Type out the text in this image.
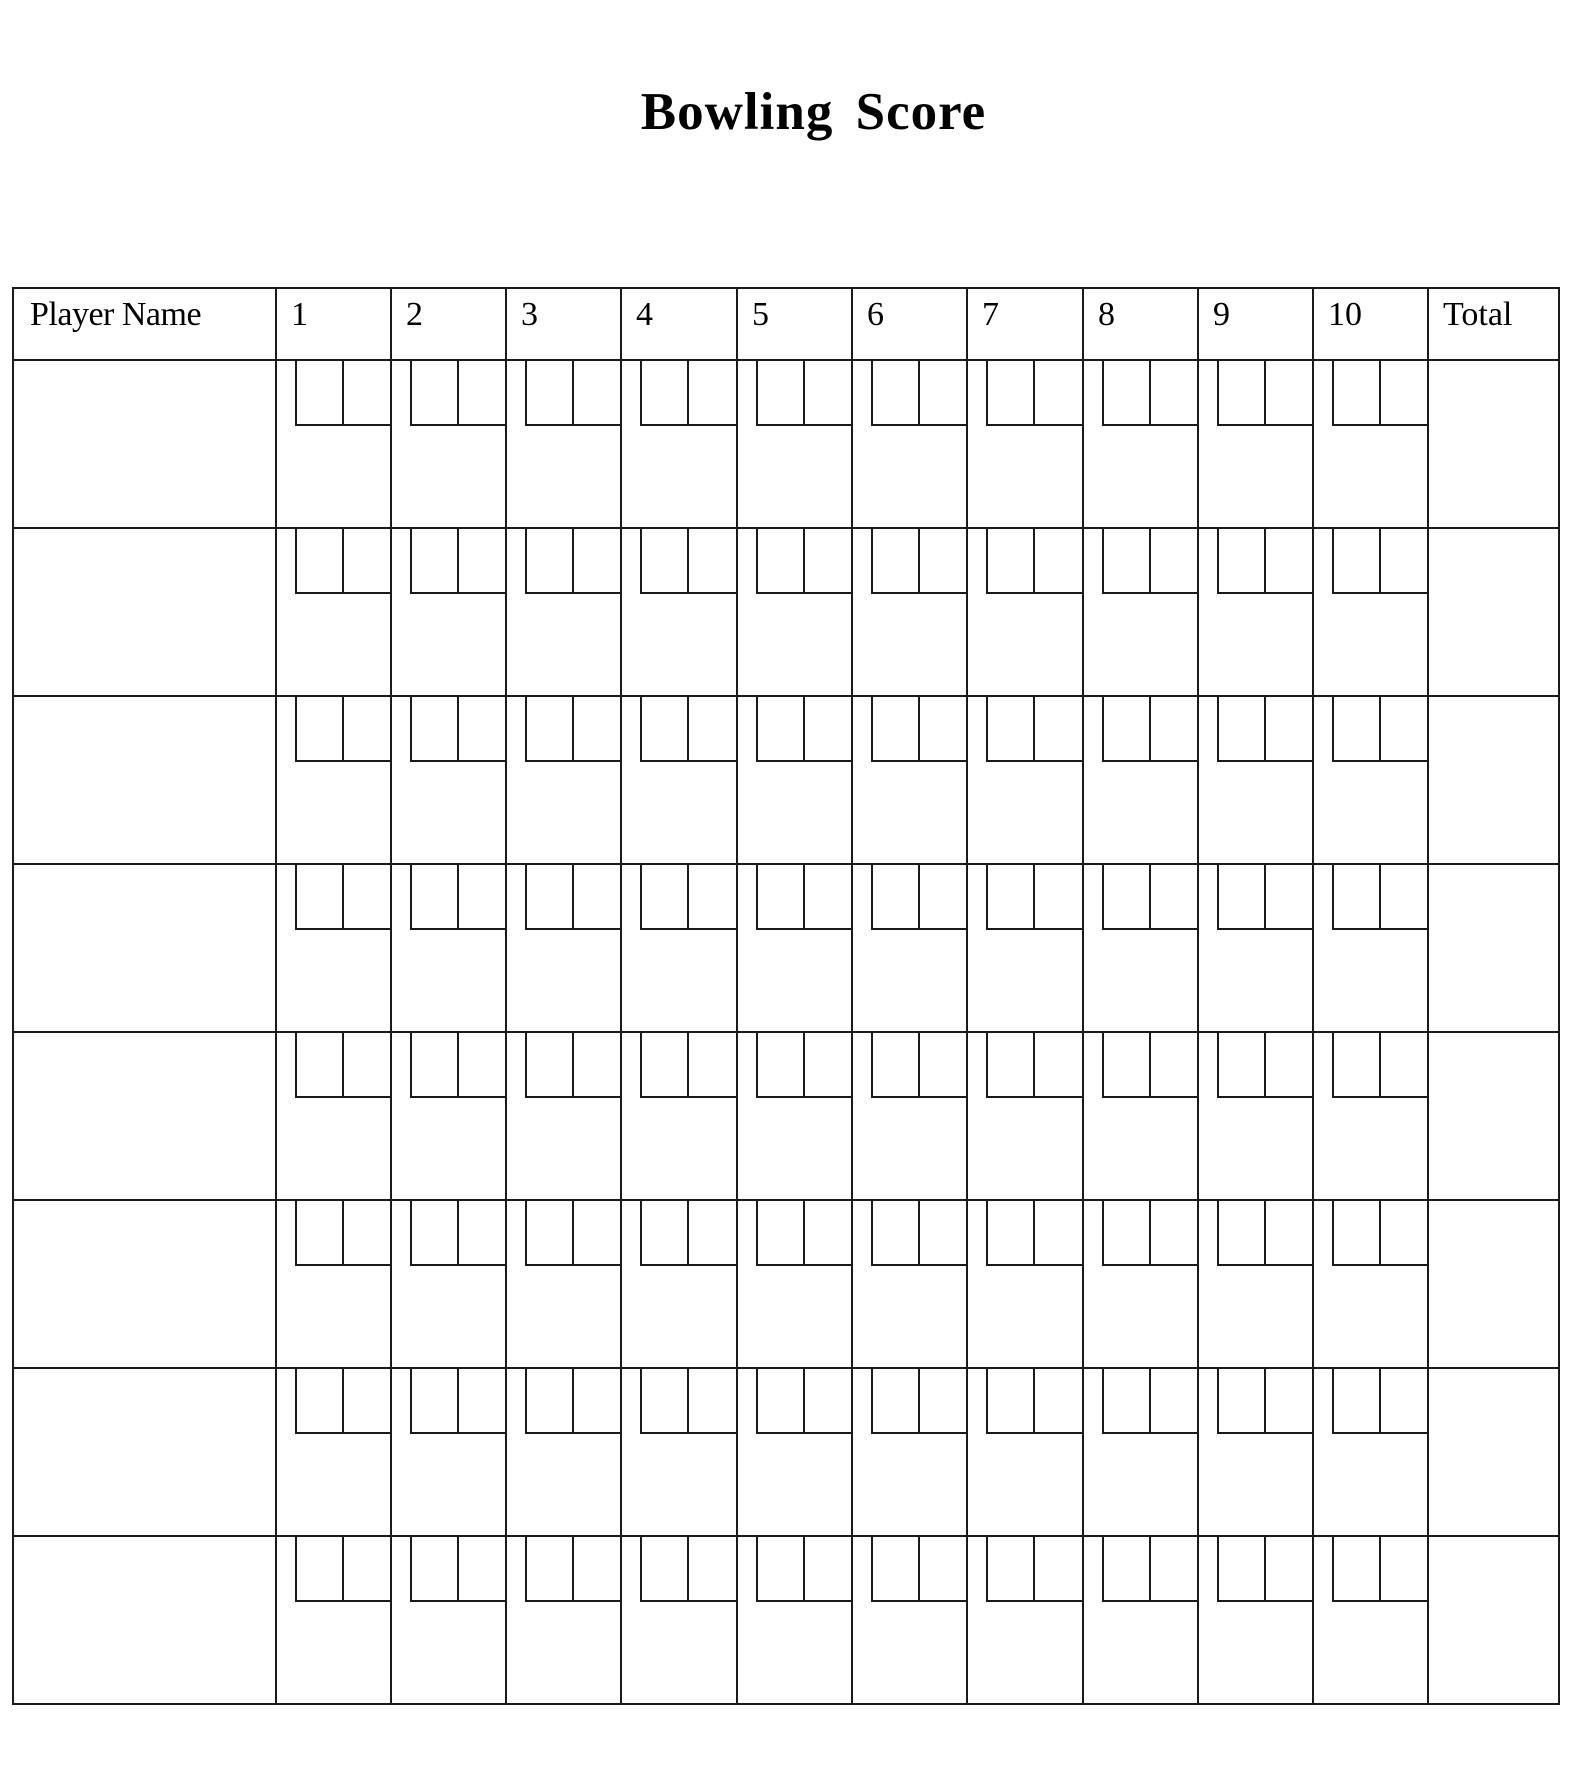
Bowling Score
Player Name	1	2	3	4	5	6	7	8	9	10	Total
